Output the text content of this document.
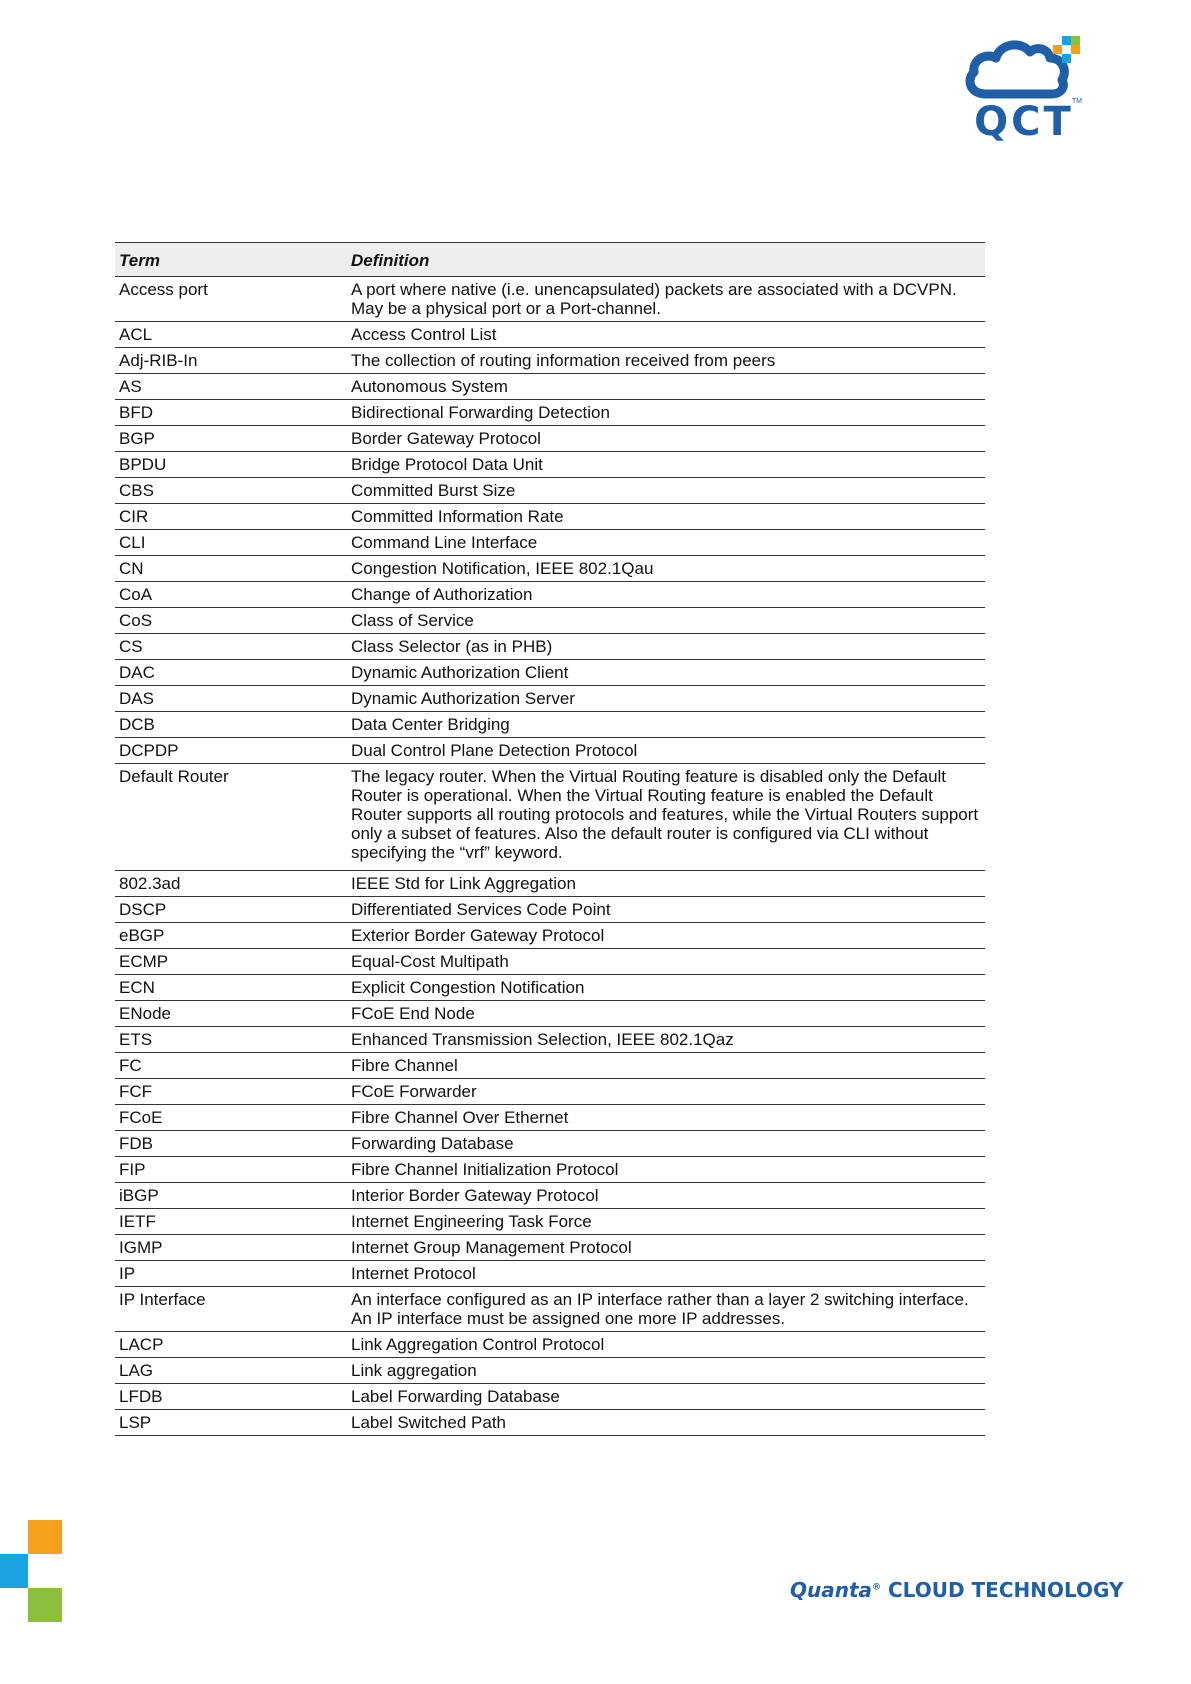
QCT
TM
Term	Definition
Access port	A port where native (i.e. unencapsulated) packets are associated with a DCVPN. May be a physical port or a Port-channel.
ACL	Access Control List
Adj-RIB-In	The collection of routing information received from peers
AS	Autonomous System
BFD	Bidirectional Forwarding Detection
BGP	Border Gateway Protocol
BPDU	Bridge Protocol Data Unit
CBS	Committed Burst Size
CIR	Committed Information Rate
CLI	Command Line Interface
CN	Congestion Notification, IEEE 802.1Qau
CoA	Change of Authorization
CoS	Class of Service
CS	Class Selector (as in PHB)
DAC	Dynamic Authorization Client
DAS	Dynamic Authorization Server
DCB	Data Center Bridging
DCPDP	Dual Control Plane Detection Protocol
Default Router	The legacy router. When the Virtual Routing feature is disabled only the Default Router is operational. When the Virtual Routing feature is enabled the Default Router supports all routing protocols and features, while the Virtual Routers support only a subset of features. Also the default router is configured via CLI without specifying the “vrf” keyword.
802.3ad	IEEE Std for Link Aggregation
DSCP	Differentiated Services Code Point
eBGP	Exterior Border Gateway Protocol
ECMP	Equal-Cost Multipath
ECN	Explicit Congestion Notification
ENode	FCoE End Node
ETS	Enhanced Transmission Selection, IEEE 802.1Qaz
FC	Fibre Channel
FCF	FCoE Forwarder
FCoE	Fibre Channel Over Ethernet
FDB	Forwarding Database
FIP	Fibre Channel Initialization Protocol
iBGP	Interior Border Gateway Protocol
IETF	Internet Engineering Task Force
IGMP	Internet Group Management Protocol
IP	Internet Protocol
IP Interface	An interface configured as an IP interface rather than a layer 2 switching interface. An IP interface must be assigned one more IP addresses.
LACP	Link Aggregation Control Protocol
LAG	Link aggregation
LFDB	Label Forwarding Database
LSP	Label Switched Path
Quanta® CLOUD TECHNOLOGY
